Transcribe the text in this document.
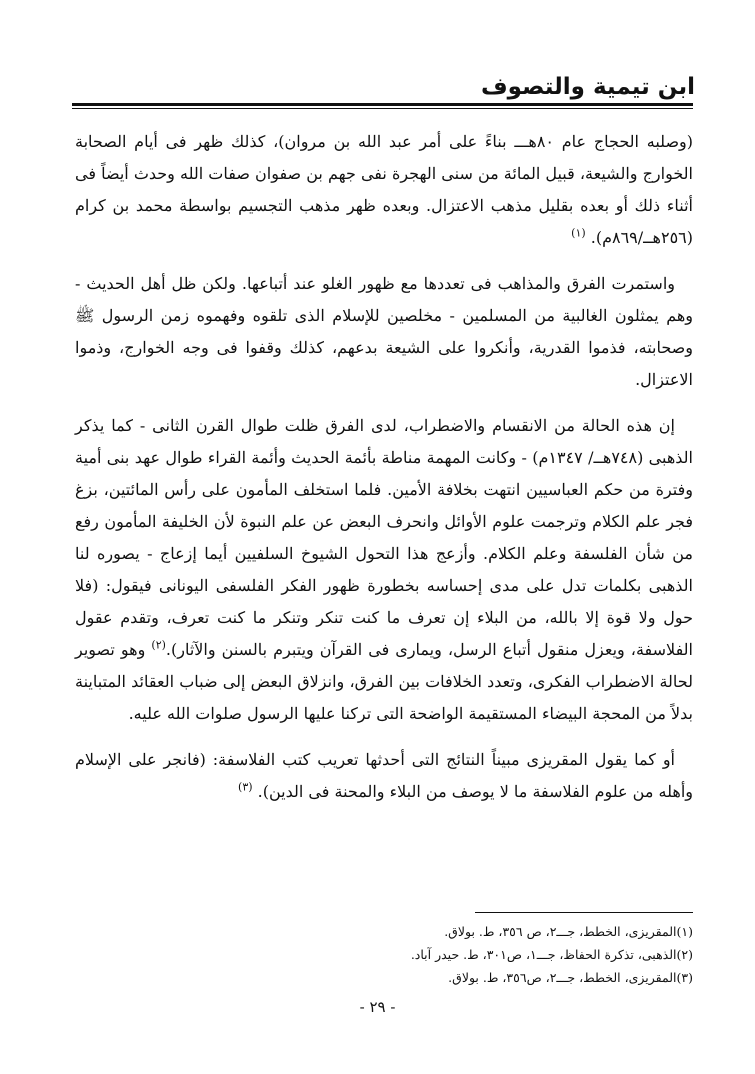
ابن تيمية والتصوف

(وصلبه الحجاج عام ٨٠هـــ بناءً على أمر عبد الله بن مروان)، كذلك ظهر فى أيام الصحابة الخوارج والشيعة، قبيل المائة من سنى الهجرة نفى جهم بن صفوان صفات الله وحدث أيضاً فى أثناء ذلك أو بعده بقليل مذهب الاعتزال. وبعده ظهر مذهب التجسيم بواسطة محمد بن كرام (٢٥٦هــ/٨٦٩م). $^{(١)}$

واستمرت الفرق والمذاهب فى تعددها مع ظهور الغلو عند أتباعها. ولكن ظل أهل الحديث - وهم يمثلون الغالبية من المسلمين - مخلصين للإسلام الذى تلقوه وفهموه زمن الرسول ﷺ وصحابته، فذموا القدرية، وأنكروا على الشيعة بدعهم، كذلك وقفوا فى وجه الخوارج، وذموا الاعتزال.

إن هذه الحالة من الانقسام والاضطراب، لدى الفرق ظلت طوال القرن الثانى - كما يذكر الذهبى (٧٤٨هــ/ ١٣٤٧م) - وكانت المهمة مناطة بأئمة الحديث وأئمة القراء طوال عهد بنى أمية وفترة من حكم العباسيين انتهت بخلافة الأمين. فلما استخلف المأمون على رأس المائتين، بزغ فجر علم الكلام وترجمت علوم الأوائل وانحرف البعض عن علم النبوة لأن الخليفة المأمون رفع من شأن الفلسفة وعلم الكلام. وأزعج هذا التحول الشيوخ السلفيين أيما إزعاج - يصوره لنا الذهبى بكلمات تدل على مدى إحساسه بخطورة ظهور الفكر الفلسفى اليونانى فيقول: (فلا حول ولا قوة إلا بالله، من البلاء إن تعرف ما كنت تنكر وتنكر ما كنت تعرف، وتقدم عقول الفلاسفة، ويعزل منقول أتباع الرسل، ويمارى فى القرآن ويتبرم بالسنن والآثار).$^{(٢)}$ وهو تصوير لحالة الاضطراب الفكرى، وتعدد الخلافات بين الفرق، وانزلاق البعض إلى ضباب العقائد المتباينة بدلاً من المحجة البيضاء المستقيمة الواضحة التى تركنا عليها الرسول صلوات الله عليه.

أو كما يقول المقريزى مبيناً النتائج التى أحدثها تعريب كتب الفلاسفة: (فانجر على الإسلام وأهله من علوم الفلاسفة ما لا يوصف من البلاء والمحنة فى الدين). $^{(٣)}$

(١)المقريزى، الخطط، جـــ٢، ص ٣٥٦، ط. بولاق.
(٢)الذهبى، تذكرة الحفاظ، جـــ١، ص٣٠١، ط. حيدر آباد.
(٣)المقريزى، الخطط، جـــ٢، ص٣٥٦، ط. بولاق.
- ٢٩ -
